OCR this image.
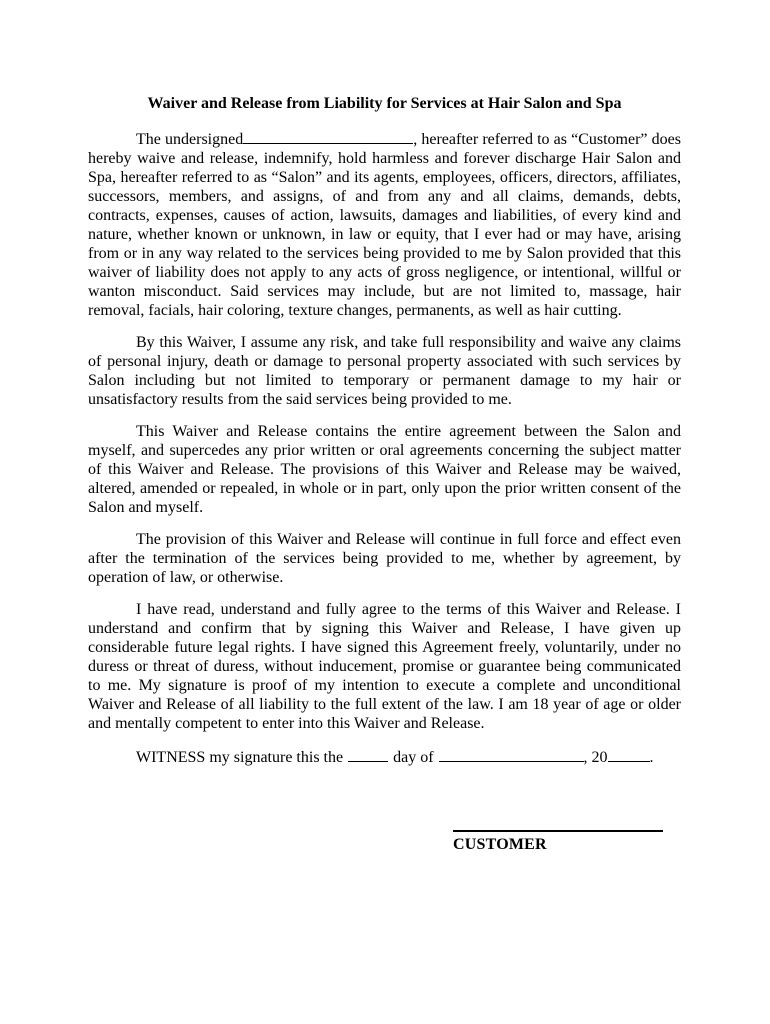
Waiver and Release from Liability for Services at Hair Salon and Spa

The undersigned	, hereafter referred to as “Customer” does hereby waive and release, indemnify, hold harmless and forever discharge Hair Salon and Spa, hereafter referred to as “Salon” and its agents, employees, officers, directors, affiliates, successors, members, and assigns, of and from any and all claims, demands, debts, contracts, expenses, causes of action, lawsuits, damages and liabilities, of every kind and nature, whether known or unknown, in law or equity, that I ever had or may have, arising from or in any way related to the services being provided to me by Salon provided that this waiver of liability does not apply to any acts of gross negligence, or intentional, willful or wanton misconduct. Said services may include, but are not limited to, massage, hair removal, facials, hair coloring, texture changes, permanents, as well as hair cutting.

By this Waiver, I assume any risk, and take full responsibility and waive any claims of personal injury, death or damage to personal property associated with such services by Salon including but not limited to temporary or permanent damage to my hair or unsatisfactory results from the said services being provided to me.

This Waiver and Release contains the entire agreement between the Salon and myself, and supercedes any prior written or oral agreements concerning the subject matter of this Waiver and Release. The provisions of this Waiver and Release may be waived, altered, amended or repealed, in whole or in part, only upon the prior written consent of the Salon and myself.

The provision of this Waiver and Release will continue in full force and effect even after the termination of the services being provided to me, whether by agreement, by operation of law, or otherwise.

I have read, understand and fully agree to the terms of this Waiver and Release. I understand and confirm that by signing this Waiver and Release, I have given up considerable future legal rights. I have signed this Agreement freely, voluntarily, under no duress or threat of duress, without inducement, promise or guarantee being communicated to me. My signature is proof of my intention to execute a complete and unconditional Waiver and Release of all liability to the full extent of the law. I am 18 year of age or older and mentally competent to enter into this Waiver and Release.

WITNESS my signature this the	day of	, 20	.

CUSTOMER
